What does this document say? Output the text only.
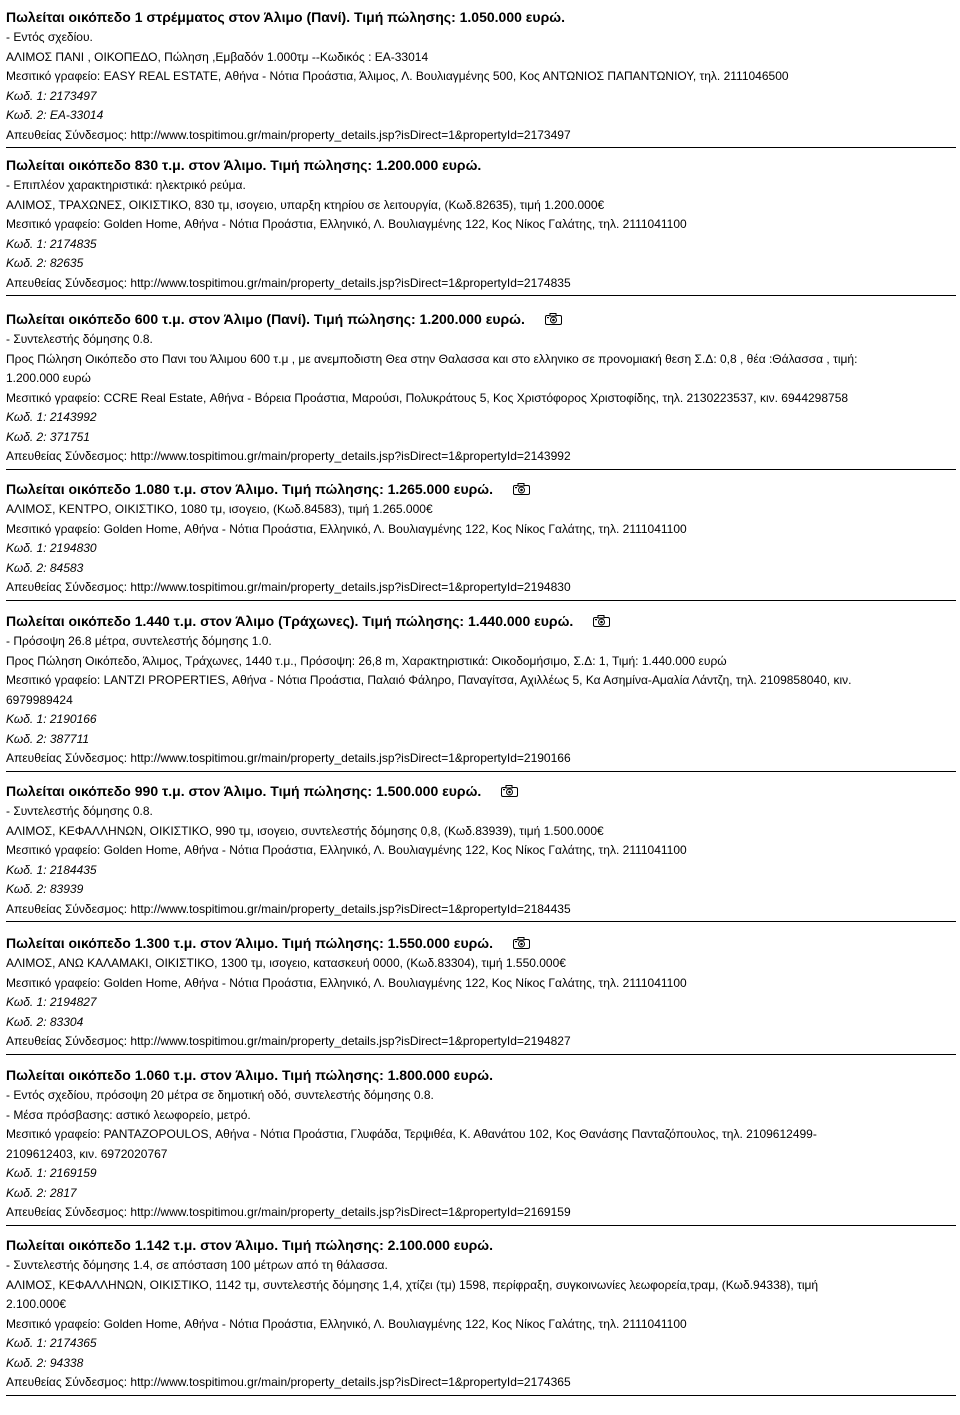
Πωλείται οικόπεδο 1 στρέμματος στον Άλιμο (Πανί). Τιμή πώλησης: 1.050.000 ευρώ.
- Εντός σχεδίου.
ΑΛΙΜΟΣ ΠΑΝΙ , ΟΙΚΟΠΕΔΟ, Πώληση ,Εμβαδόν 1.000τμ --Κωδικός : EA-33014
Μεσιτικό γραφείο: EASY REAL ESTATE, Αθήνα - Νότια Προάστια, Άλιμος, Λ. Βουλιαγμένης 500, Κος ΑΝΤΩΝΙΟΣ ΠΑΠΑΝΤΩΝΙΟΥ, τηλ. 2111046500
Κωδ. 1: 2173497
Κωδ. 2: EA-33014
Απευθείας Σύνδεσμος: http://www.tospitimou.gr/main/property_details.jsp?isDirect=1&propertyId=2173497
Πωλείται οικόπεδο 830 τ.μ. στον Άλιμο. Τιμή πώλησης: 1.200.000 ευρώ.
- Επιπλέον χαρακτηριστικά: ηλεκτρικό ρεύμα.
ΑΛΙΜΟΣ, ΤΡΑΧΩΝΕΣ, ΟΙΚΙΣΤΙΚΟ, 830 τμ, ισογειο, υπαρξη κτηρίου σε λειτουργία, (Κωδ.82635), τιμή 1.200.000€
Μεσιτικό γραφείο: Golden Home, Αθήνα - Νότια Προάστια, Ελληνικό, Λ. Βουλιαγμένης 122, Κος Νίκος Γαλάτης, τηλ. 2111041100
Κωδ. 1: 2174835
Κωδ. 2: 82635
Απευθείας Σύνδεσμος: http://www.tospitimou.gr/main/property_details.jsp?isDirect=1&propertyId=2174835
Πωλείται οικόπεδο 600 τ.μ. στον Άλιμο (Πανί). Τιμή πώλησης: 1.200.000 ευρώ.
- Συντελεστής δόμησης 0.8.
Προς Πώληση Οικόπεδο στο Πανι του Άλιμου 600 τ.μ , με ανεμποδιστη Θεα στην Θαλασσα και στο ελληνικο σε προνομιακή θεση Σ.Δ: 0,8 , θέα :Θάλασσα , τιμή:
1.200.000 ευρώ
Μεσιτικό γραφείο: CCRE Real Estate, Αθήνα - Βόρεια Προάστια, Μαρούσι, Πολυκράτους 5, Κος Χριστόφορος Χριστοφίδης, τηλ. 2130223537, κιν. 6944298758
Κωδ. 1: 2143992
Κωδ. 2: 371751
Απευθείας Σύνδεσμος: http://www.tospitimou.gr/main/property_details.jsp?isDirect=1&propertyId=2143992
Πωλείται οικόπεδο 1.080 τ.μ. στον Άλιμο. Τιμή πώλησης: 1.265.000 ευρώ.
ΑΛΙΜΟΣ, ΚΕΝΤΡΟ, ΟΙΚΙΣΤΙΚΟ, 1080 τμ, ισογειο, (Κωδ.84583), τιμή 1.265.000€
Μεσιτικό γραφείο: Golden Home, Αθήνα - Νότια Προάστια, Ελληνικό, Λ. Βουλιαγμένης 122, Κος Νίκος Γαλάτης, τηλ. 2111041100
Κωδ. 1: 2194830
Κωδ. 2: 84583
Απευθείας Σύνδεσμος: http://www.tospitimou.gr/main/property_details.jsp?isDirect=1&propertyId=2194830
Πωλείται οικόπεδο 1.440 τ.μ. στον Άλιμο (Τράχωνες). Τιμή πώλησης: 1.440.000 ευρώ.
- Πρόσοψη 26.8 μέτρα, συντελεστής δόμησης 1.0.
Προς Πώληση Οικόπεδο, Άλιμος, Τράχωνες, 1440 τ.μ., Πρόσοψη: 26,8 m, Χαρακτηριστικά: Οικοδομήσιμο, Σ.Δ: 1, Τιμή: 1.440.000 ευρώ
Μεσιτικό γραφείο: LANTZI PROPERTIES, Αθήνα - Νότια Προάστια, Παλαιό Φάληρο, Παναγίτσα, Αχιλλέως 5, Κα Ασημίνα-Αμαλία Λάντζη, τηλ. 2109858040, κιν.
6979989424
Κωδ. 1: 2190166
Κωδ. 2: 387711
Απευθείας Σύνδεσμος: http://www.tospitimou.gr/main/property_details.jsp?isDirect=1&propertyId=2190166
Πωλείται οικόπεδο 990 τ.μ. στον Άλιμο. Τιμή πώλησης: 1.500.000 ευρώ.
- Συντελεστής δόμησης 0.8.
ΑΛΙΜΟΣ, ΚΕΦΑΛΛΗΝΩΝ, ΟΙΚΙΣΤΙΚΟ, 990 τμ, ισογειο, συντελεστής δόμησης 0,8, (Κωδ.83939), τιμή 1.500.000€
Μεσιτικό γραφείο: Golden Home, Αθήνα - Νότια Προάστια, Ελληνικό, Λ. Βουλιαγμένης 122, Κος Νίκος Γαλάτης, τηλ. 2111041100
Κωδ. 1: 2184435
Κωδ. 2: 83939
Απευθείας Σύνδεσμος: http://www.tospitimou.gr/main/property_details.jsp?isDirect=1&propertyId=2184435
Πωλείται οικόπεδο 1.300 τ.μ. στον Άλιμο. Τιμή πώλησης: 1.550.000 ευρώ.
ΑΛΙΜΟΣ, ΑΝΩ ΚΑΛΑΜΑΚΙ, ΟΙΚΙΣΤΙΚΟ, 1300 τμ, ισογειο, κατασκευή 0000, (Κωδ.83304), τιμή 1.550.000€
Μεσιτικό γραφείο: Golden Home, Αθήνα - Νότια Προάστια, Ελληνικό, Λ. Βουλιαγμένης 122, Κος Νίκος Γαλάτης, τηλ. 2111041100
Κωδ. 1: 2194827
Κωδ. 2: 83304
Απευθείας Σύνδεσμος: http://www.tospitimou.gr/main/property_details.jsp?isDirect=1&propertyId=2194827
Πωλείται οικόπεδο 1.060 τ.μ. στον Άλιμο. Τιμή πώλησης: 1.800.000 ευρώ.
- Εντός σχεδίου, πρόσοψη 20 μέτρα σε δημοτική οδό, συντελεστής δόμησης 0.8.
- Μέσα πρόσβασης: αστικό λεωφορείο, μετρό.
Μεσιτικό γραφείο: PANTAZOPOULOS, Αθήνα - Νότια Προάστια, Γλυφάδα, Τερψιθέα, Κ. Αθανάτου 102, Κος Θανάσης Πανταζόπουλος, τηλ. 2109612499-
2109612403, κιν. 6972020767
Κωδ. 1: 2169159
Κωδ. 2: 2817
Απευθείας Σύνδεσμος: http://www.tospitimou.gr/main/property_details.jsp?isDirect=1&propertyId=2169159
Πωλείται οικόπεδο 1.142 τ.μ. στον Άλιμο. Τιμή πώλησης: 2.100.000 ευρώ.
- Συντελεστής δόμησης 1.4, σε απόσταση 100 μέτρων από τη θάλασσα.
ΑΛΙΜΟΣ, ΚΕΦΑΛΛΗΝΩΝ, ΟΙΚΙΣΤΙΚΟ, 1142 τμ, συντελεστής δόμησης 1,4, χτίζει (τμ) 1598, περίφραξη, συγκοινωνίες λεωφορεία,τραμ, (Κωδ.94338), τιμή
2.100.000€
Μεσιτικό γραφείο: Golden Home, Αθήνα - Νότια Προάστια, Ελληνικό, Λ. Βουλιαγμένης 122, Κος Νίκος Γαλάτης, τηλ. 2111041100
Κωδ. 1: 2174365
Κωδ. 2: 94338
Απευθείας Σύνδεσμος: http://www.tospitimou.gr/main/property_details.jsp?isDirect=1&propertyId=2174365
